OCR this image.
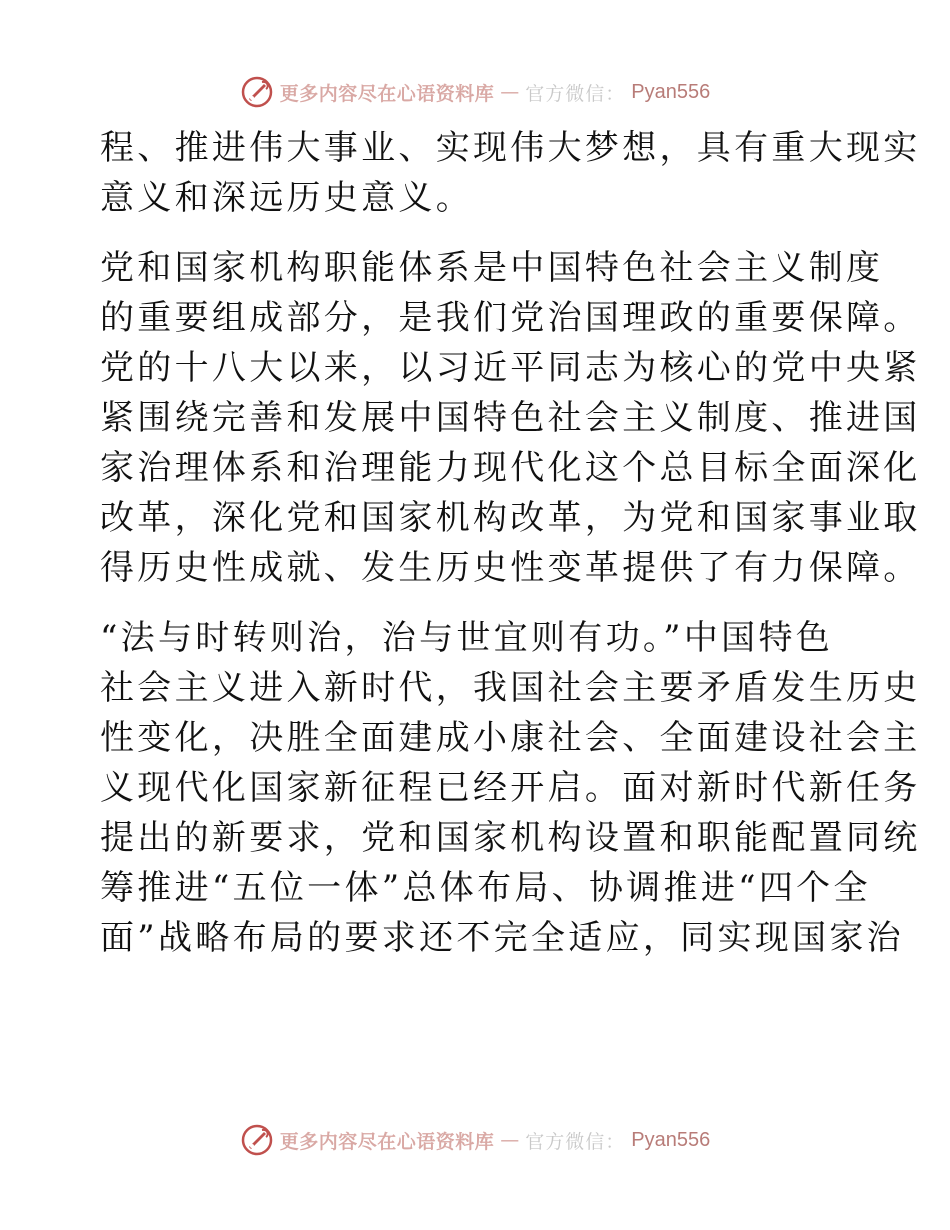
更多内容尽在心语资料库 — 官方微信： Pyan556
程、推进伟大事业、实现伟大梦想，具有重大现实
意义和深远历史意义。
党和国家机构职能体系是中国特色社会主义制度
的重要组成部分，是我们党治国理政的重要保障。
党的十八大以来，以习近平同志为核心的党中央紧
紧围绕完善和发展中国特色社会主义制度、推进国
家治理体系和治理能力现代化这个总目标全面深化
改革，深化党和国家机构改革，为党和国家事业取
得历史性成就、发生历史性变革提供了有力保障。
“法与时转则治，治与世宜则有功。”中国特色
社会主义进入新时代，我国社会主要矛盾发生历史
性变化，决胜全面建成小康社会、全面建设社会主
义现代化国家新征程已经开启。面对新时代新任务
提出的新要求，党和国家机构设置和职能配置同统
筹推进“五位一体”总体布局、协调推进“四个全
面”战略布局的要求还不完全适应，同实现国家治
更多内容尽在心语资料库 — 官方微信： Pyan556
